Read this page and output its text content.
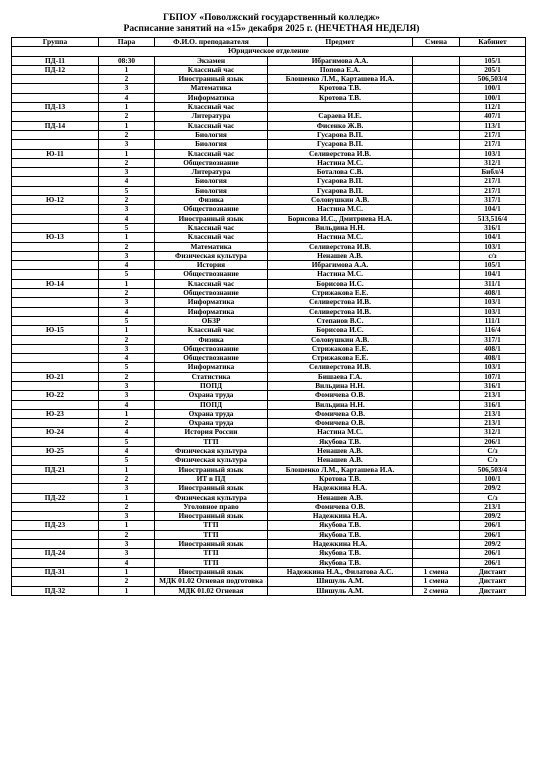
ГБПОУ «Поволжский государственный колледж»
Расписание занятий на «15» декабря 2025 г. (НЕЧЕТНАЯ НЕДЕЛЯ)
Группа	Пара	Ф.И.О. преподавателя	Предмет	Смена	Кабинет
Юридическое отделение					
ПД-11	08:30	Экзамен	Ибрагимова А.А.		105/1
ПД-12	1	Классный час	Попова Е.А.		205/1
	2	Иностранный язык	Блошенко Л.М., Карташева И.А.		506,503/4
	3	Математика	Кротова Т.В.		100/1
	4	Информатика	Кротова Т.В.		100/1
ПД-13	1	Классный час			112/1
	2	Литература	Сараева И.Е.		407/1
ПД-14	1	Классный час	Фисенко Ж.В.		113/1
	2	Биология	Гусарова В.П.		217/1
	3	Биология	Гусарова В.П.		217/1
Ю-11	1	Классный час	Селиверстова И.В.		103/1
	2	Обществознание	Настина М.С.		312/1
	3	Литература	Боталова С.В.		Библ/4
	4	Биология	Гусарова В.П.		217/1
	5	Биология	Гусарова В.П.		217/1
Ю-12	2	Физика	Соловушкин А.В.		317/1
	3	Обществознание	Настина М.С.		104/1
	4	Иностранный язык	Борисова И.С., Дмитриева Н.А.		513,516/4
	5	Классный час	Вильдина Н.Н.		316/1
Ю-13	1	Классный час	Настина М.С.		104/1
	2	Математика	Селиверстова И.В.		103/1
	3	Физическая культура	Ненашев А.В.		с/з
	4	История	Ибрагимова А.А.		105/1
	5	Обществознание	Настина М.С.		104/1
Ю-14	1	Классный час	Борисова И.С.		311/1
	2	Обществознание	Стрижакова Е.Е.		408/1
	3	Информатика	Селиверстова И.В.		103/1
	4	Информатика	Селиверстова И.В.		103/1
	5	ОБЗР	Степанов В.С.		111/1
Ю-15	1	Классный час	Борисова И.С.		116/4
	2	Физика	Соловушкин А.В.		317/1
	3	Обществознание	Стрижакова Е.Е.		408/1
	4	Обществознание	Стрижакова Е.Е.		408/1
	5	Информатика	Селиверстова И.В.		103/1
Ю-21	2	Статистика	Бишаева Г.А.		107/1
	3	ПОПД	Вильдина Н.Н.		316/1
Ю-22	3	Охрана труда	Фомичева О.В.		213/1
	4	ПОПД	Вильдина Н.Н.		316/1
Ю-23	1	Охрана труда	Фомичева О.В.		213/1
	2	Охрана труда	Фомичева О.В.		213/1
Ю-24	4	История России	Настина М.С.		312/1
	5	ТГП	Якубова Т.В.		206/1
Ю-25	4	Физическая культура	Ненашев А.В.		С/з
	5	Физическая культура	Ненашев А.В.		С/з
ПД-21	1	Иностранный язык	Блошенко Л.М., Карташева И.А.		506,503/4
	2	ИТ в ПД	Кротова Т.В.		100/1
	3	Иностранный язык	Надежкина Н.А.		209/2
ПД-22	1	Физическая культура	Ненашев А.В.		С/з
	2	Уголовное право	Фомичева О.В.		213/1
	3	Иностранный язык	Надежкина Н.А.		209/2
ПД-23	1	ТГП	Якубова Т.В.		206/1
	2	ТГП	Якубова Т.В.		206/1
	3	Иностранный язык	Надежкина Н.А.		209/2
ПД-24	3	ТГП	Якубова Т.В.		206/1
	4	ТГП	Якубова Т.В.		206/1
ПД-31	1	Иностранный язык	Надежкина Н.А., Филатова А.С.	1 смена	Дистант
	2	МДК 01.02 Огневая подготовка	Шишуль А.М.	1 смена	Дистант
ПД-32	1	МДК 01.02 Огневая	Шишуль А.М.	2 смена	Дистант
